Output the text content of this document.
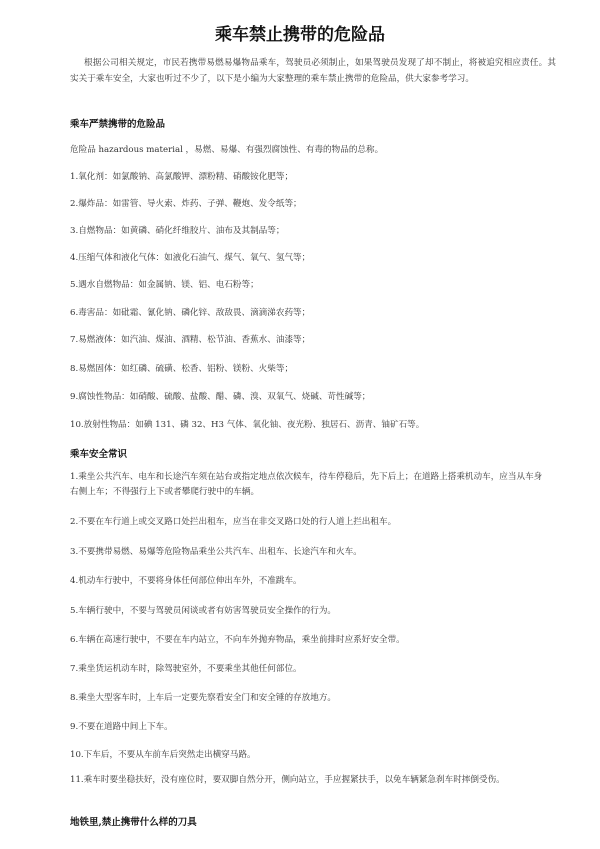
乘车禁止携带的危险品
根据公司相关规定，市民若携带易燃易爆物品乘车，驾驶员必须制止，如果驾驶员发现了却不制止，将被追究相应责任。其实关于乘车安全，大家也听过不少了，以下是小编为大家整理的乘车禁止携带的危险品，供大家参考学习。
乘车严禁携带的危险品
危险品 hazardous material ，易燃、易爆、有强烈腐蚀性、有毒的物品的总称。
1.氧化剂：如氯酸钠、高氯酸钾、漂粉精、硝酸铵化肥等；
2.爆炸品：如雷管、导火索、炸药、子弹、鞭炮、发令纸等；
3.自燃物品：如黄磷、硝化纤维胶片、油布及其制品等；
4.压缩气体和液化气体：如液化石油气、煤气、氧气、氢气等；
5.遇水自燃物品：如金属钠、镁、铝、电石粉等；
6.毒害品：如砒霜、氰化钠、磷化锌、敌敌畏、滴滴涕农药等；
7.易燃液体：如汽油、煤油、酒精、松节油、香蕉水、油漆等；
8.易燃固体：如红磷、硫磺、松香、铝粉、镁粉、火柴等；
9.腐蚀性物品：如硝酸、硫酸、盐酸、醋、磷、溴、双氧气、烧碱、苛性碱等；
10.放射性物品：如碘 131、磷 32、H3 气体、氧化铀、夜光粉、独居石、沥青、铀矿石等。
乘车安全常识
1.乘坐公共汽车、电车和长途汽车须在站台或指定地点依次候车，待车停稳后，先下后上；在道路上搭乘机动车，应当从车身右侧上车；不得强行上下或者攀爬行驶中的车辆。
2.不要在车行道上或交叉路口处拦出租车，应当在非交叉路口处的行人道上拦出租车。
3.不要携带易燃、易爆等危险物品乘坐公共汽车、出租车、长途汽车和火车。
4.机动车行驶中，不要将身体任何部位伸出车外，不准跳车。
5.车辆行驶中，不要与驾驶员闲谈或者有妨害驾驶员安全操作的行为。
6.车辆在高速行驶中，不要在车内站立，不向车外抛弃物品，乘坐前排时应系好安全带。
7.乘坐货运机动车时，除驾驶室外，不要乘坐其他任何部位。
8.乘坐大型客车时，上车后一定要先察看安全门和安全锤的存放地方。
9.不要在道路中间上下车。
10.下车后，不要从车前车后突然走出横穿马路。
11.乘车时要坐稳扶好，没有座位时，要双脚自然分开，侧向站立，手应握紧扶手，以免车辆紧急刹车时摔倒受伤。
地铁里,禁止携带什么样的刀具
